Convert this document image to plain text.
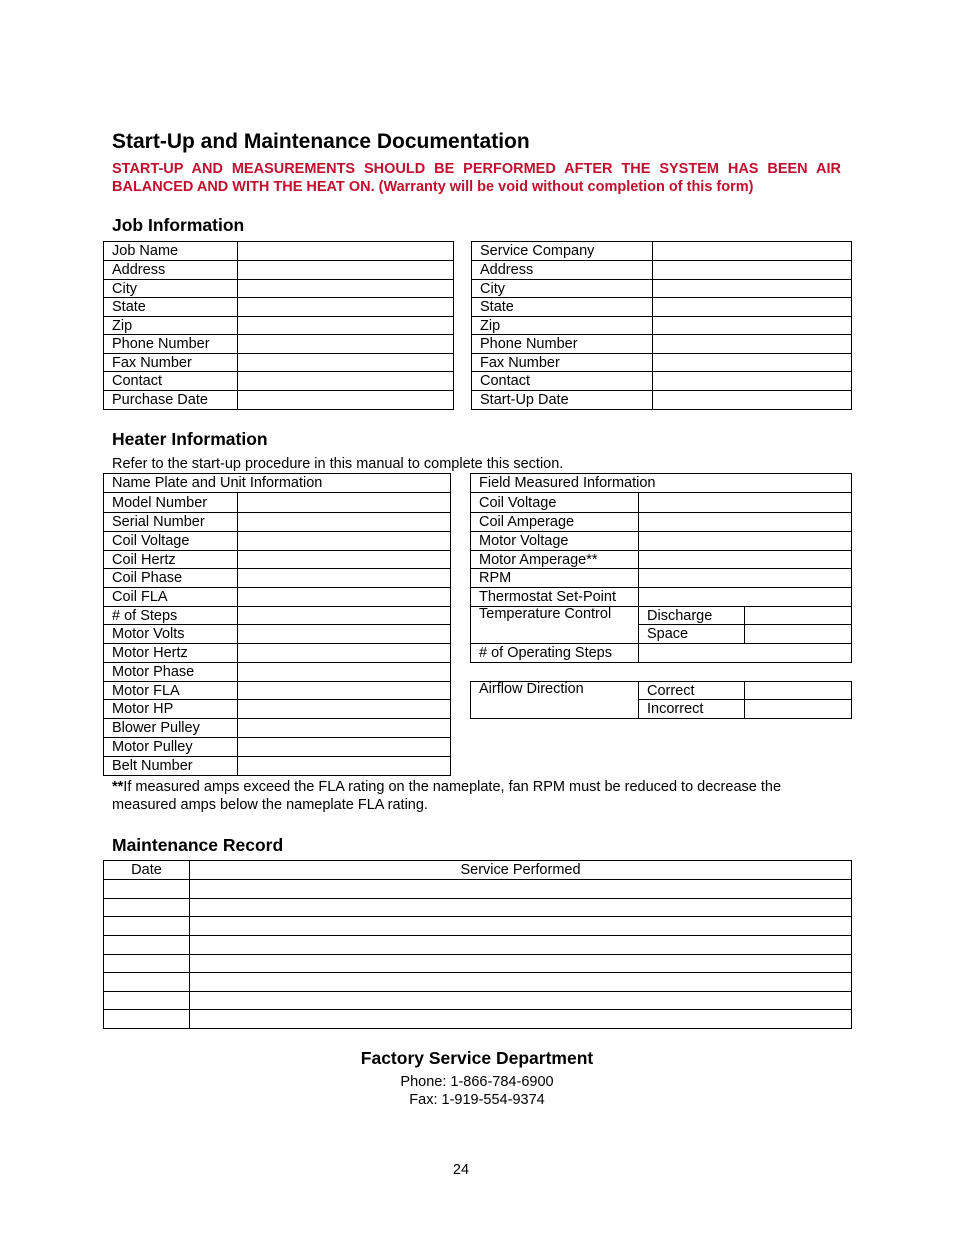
Start-Up and Maintenance Documentation
START-UP AND MEASUREMENTS SHOULD BE PERFORMED AFTER THE SYSTEM HAS BEEN AIR BALANCED AND WITH THE HEAT ON. (Warranty will be void without completion of this form)
Job Information
Job Name	
Address	
City	
State	
Zip	
Phone Number	
Fax Number	
Contact	
Purchase Date	
Service Company	
Address	
City	
State	
Zip	
Phone Number	
Fax Number	
Contact	
Start-Up Date	
Heater Information
Refer to the start-up procedure in this manual to complete this section.
Name Plate and Unit Information	
Model Number	
Serial Number	
Coil Voltage	
Coil Hertz	
Coil Phase	
Coil FLA	
# of Steps	
Motor Volts	
Motor Hertz	
Motor Phase	
Motor FLA	
Motor HP	
Blower Pulley	
Motor Pulley	
Belt Number	
Field Measured Information		
Coil Voltage		
Coil Amperage		
Motor Voltage		
Motor Amperage**		
RPM		
Thermostat Set-Point		
Temperature Control	Discharge	
	Space	
# of Operating Steps		
Airflow Direction	Correct	
	Incorrect	
**If measured amps exceed the FLA rating on the nameplate, fan RPM must be reduced to decrease the
measured amps below the nameplate FLA rating.
Maintenance Record
Date	Service Performed

Factory Service Department
Phone: 1-866-784-6900
Fax: 1-919-554-9374
24
